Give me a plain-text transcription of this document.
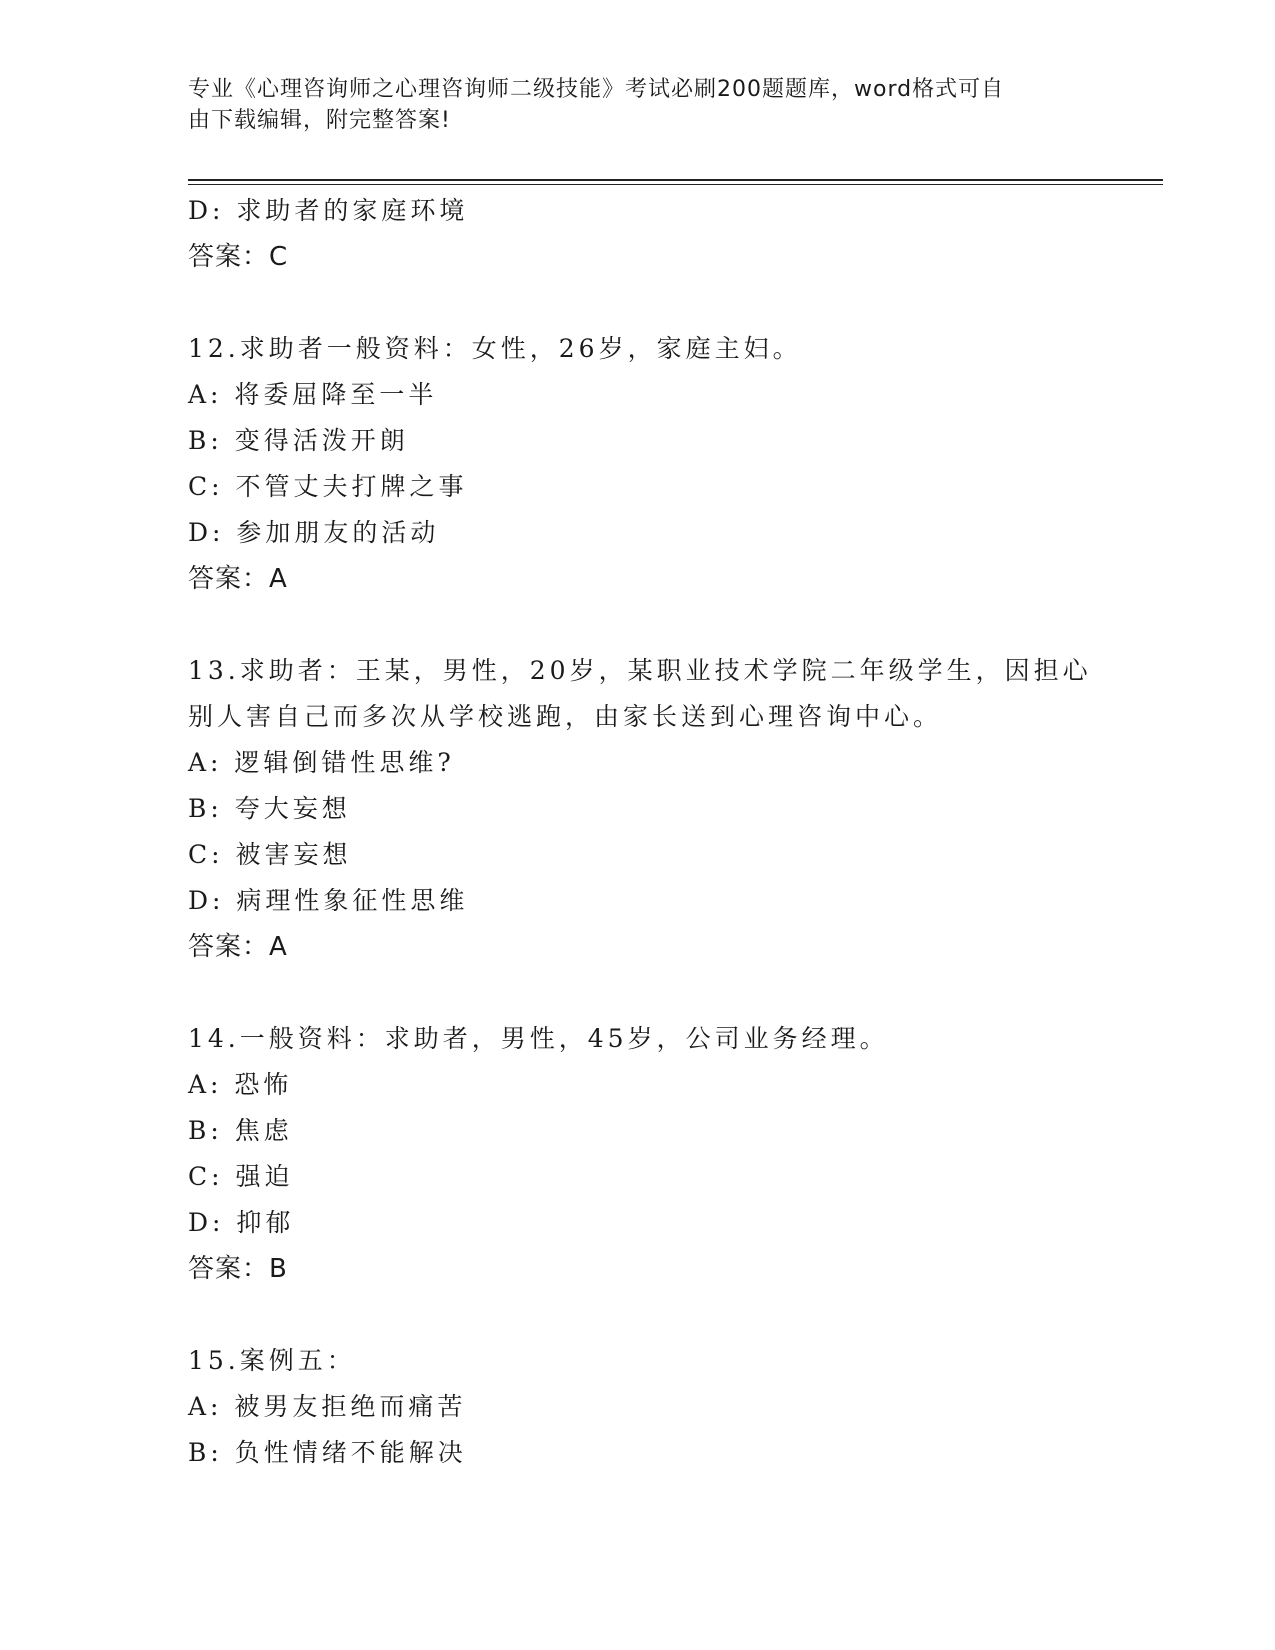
专业《心理咨询师之心理咨询师二级技能》考试必刷200题题库，word格式可自
由下载编辑，附完整答案!
D: 求助者的家庭环境
答案：C
12.求助者一般资料：女性，26岁，家庭主妇。
A: 将委屈降至一半
B: 变得活泼开朗
C: 不管丈夫打牌之事
D: 参加朋友的活动
答案：A
13.求助者：王某，男性，20岁，某职业技术学院二年级学生，因担心
别人害自己而多次从学校逃跑，由家长送到心理咨询中心。
A: 逻辑倒错性思维?
B: 夸大妄想
C: 被害妄想
D: 病理性象征性思维
答案：A
14.一般资料：求助者，男性，45岁，公司业务经理。
A: 恐怖
B: 焦虑
C: 强迫
D: 抑郁
答案：B
15.案例五：
A: 被男友拒绝而痛苦
B: 负性情绪不能解决
